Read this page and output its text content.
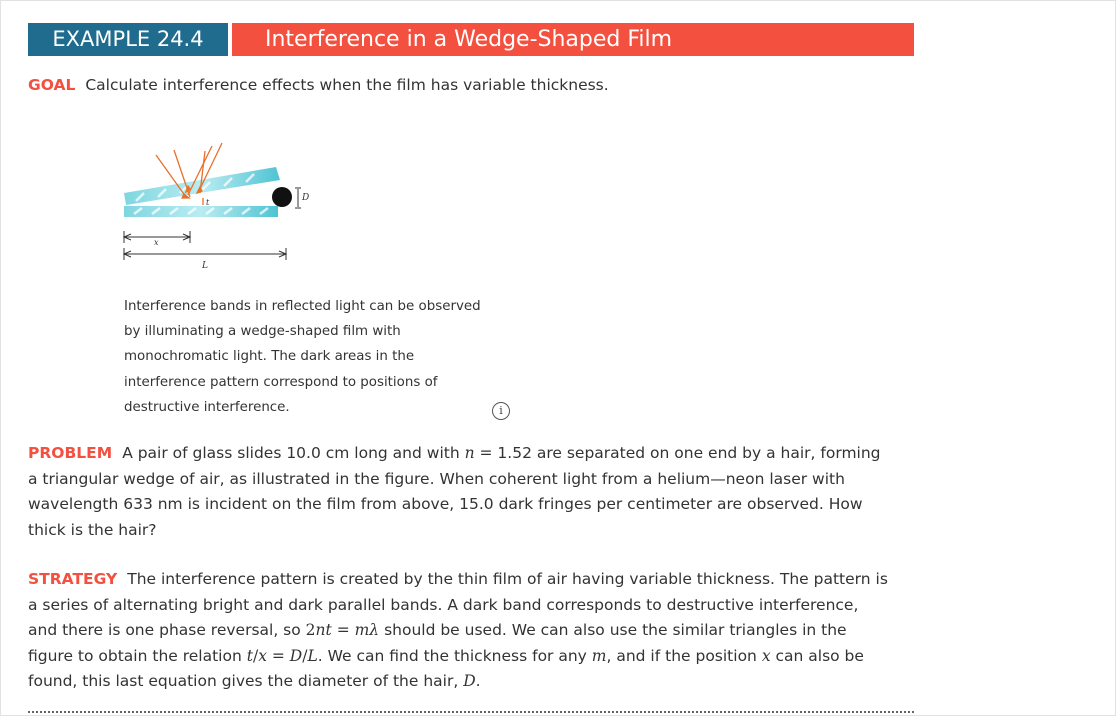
EXAMPLE 24.4	Interference in a Wedge-Shaped Film
GOAL Calculate interference effects when the film has variable thickness.
t	D
x
L
Interference bands in reflected light can be observed
by illuminating a wedge-shaped film with
monochromatic light. The dark areas in the
interference pattern correspond to positions of
destructive interference.	i
PROBLEM A pair of glass slides 10.0 cm long and with n = 1.52 are separated on one end by a hair, forming a triangular wedge of air, as illustrated in the figure. When coherent light from a helium—neon laser with wavelength 633 nm is incident on the film from above, 15.0 dark fringes per centimeter are observed. How thick is the hair?
STRATEGY The interference pattern is created by the thin film of air having variable thickness. The pattern is a series of alternating bright and dark parallel bands. A dark band corresponds to destructive interference, and there is one phase reversal, so 2nt = mλ should be used. We can also use the similar triangles in the figure to obtain the relation t/x = D/L. We can find the thickness for any m, and if the position x can also be found, this last equation gives the diameter of the hair, D.
